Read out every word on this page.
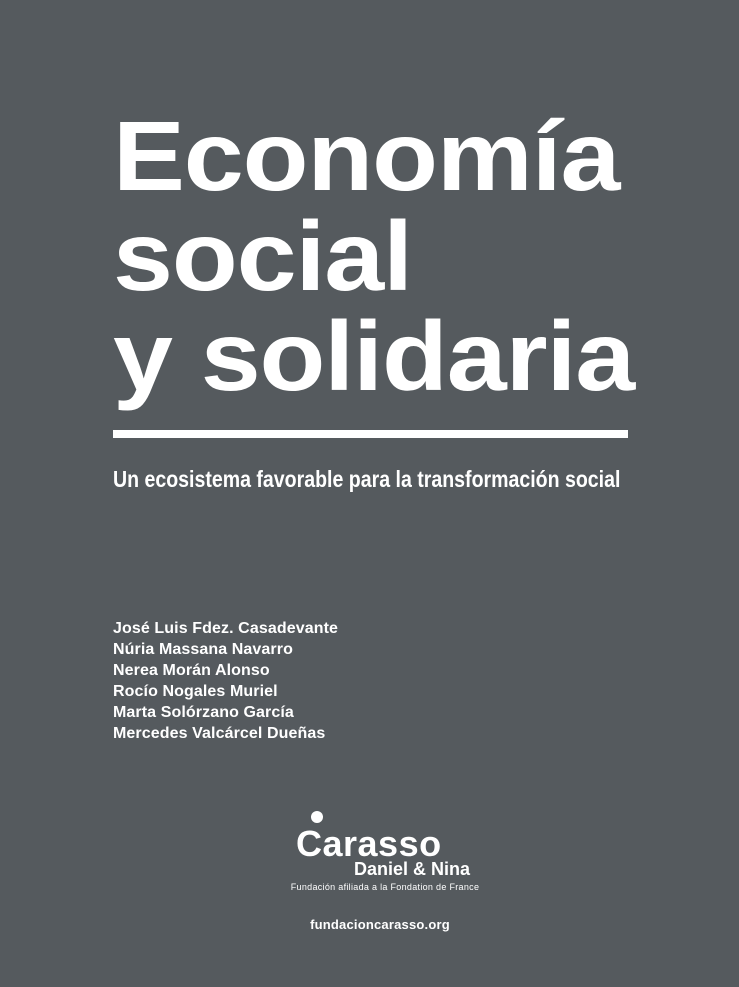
Economía
social
y solidaria
Un ecosistema favorable para la transformación social
José Luis Fdez. Casadevante
Núria Massana Navarro
Nerea Morán Alonso
Rocío Nogales Muriel
Marta Solórzano García
Mercedes Valcárcel Dueñas
Carasso
Daniel & Nina
Fundación afiliada a la Fondation de France
fundacioncarasso.org
